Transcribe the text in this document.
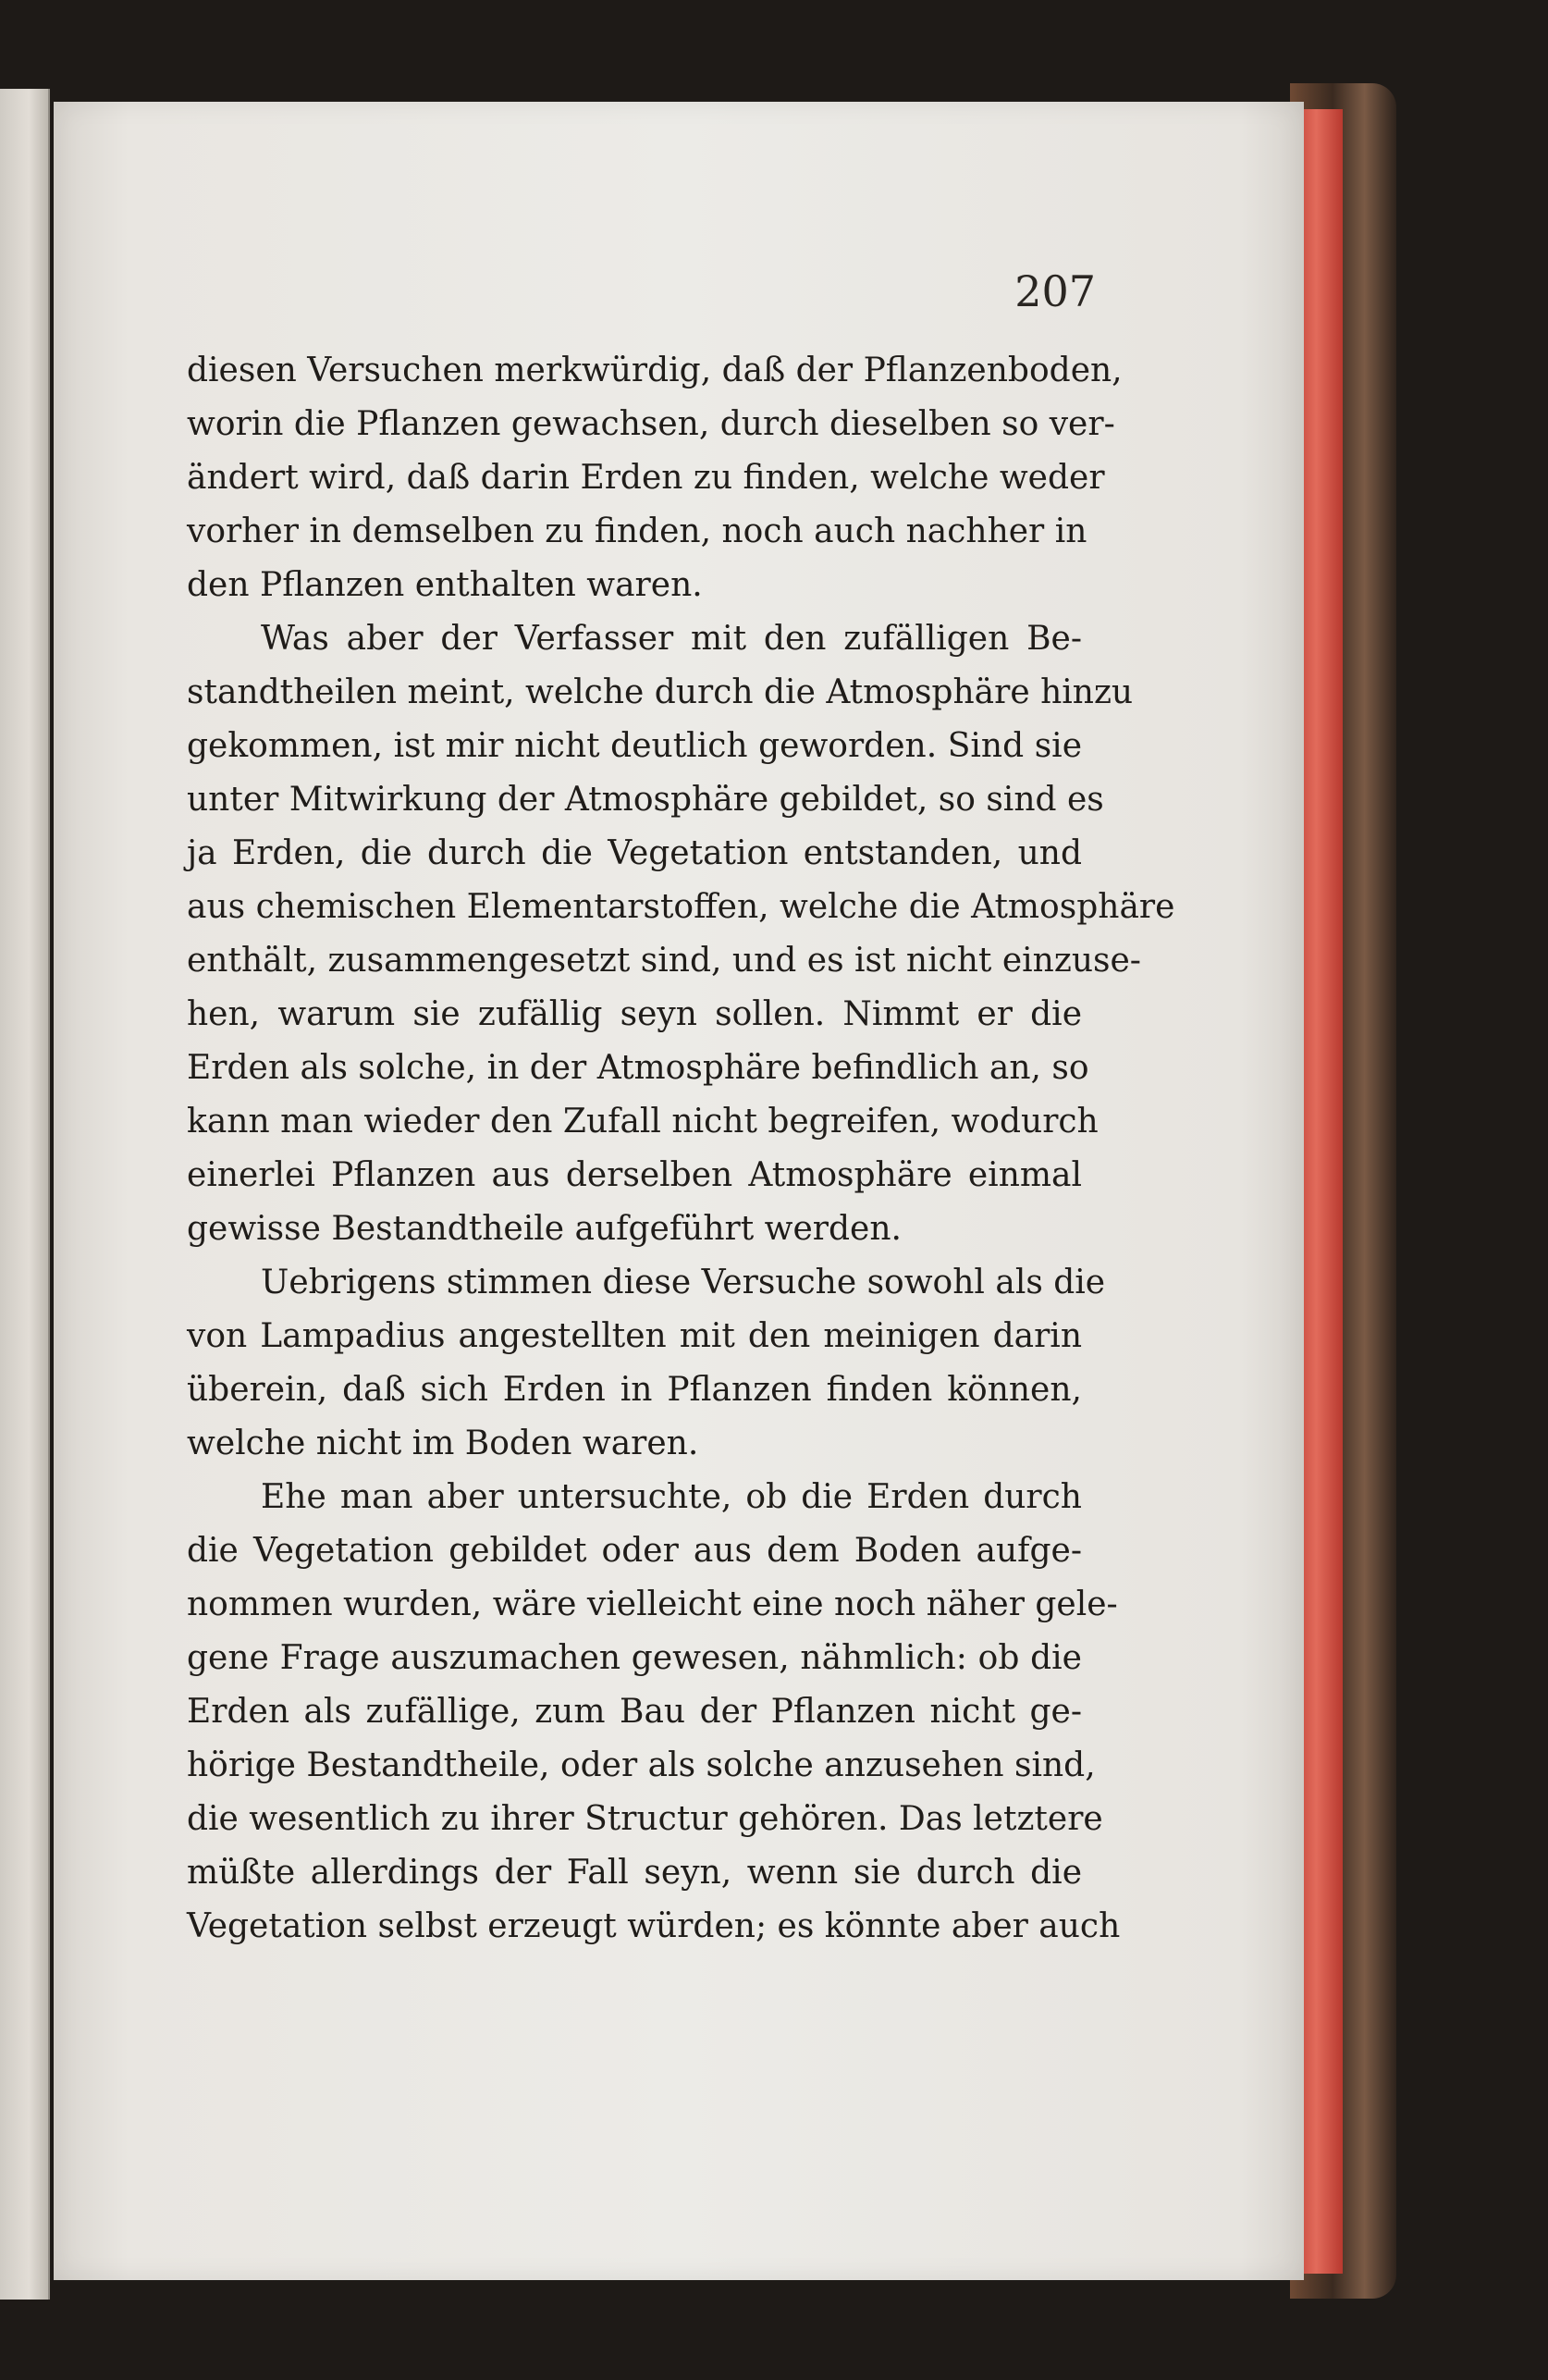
207
diesen Versuchen merkwürdig, daß der Pflanzenboden,
worin die Pflanzen gewachsen, durch dieselben so ver-
ändert wird, daß darin Erden zu finden, welche weder
vorher in demselben zu finden, noch auch nachher in
den Pflanzen enthalten waren.
Was aber der Verfasser mit den zufälligen Be-
standtheilen meint, welche durch die Atmosphäre hinzu
gekommen, ist mir nicht deutlich geworden. Sind sie
unter Mitwirkung der Atmosphäre gebildet, so sind es
ja Erden, die durch die Vegetation entstanden, und
aus chemischen Elementarstoffen, welche die Atmosphäre
enthält, zusammengesetzt sind, und es ist nicht einzuse-
hen, warum sie zufällig seyn sollen. Nimmt er die
Erden als solche, in der Atmosphäre befindlich an, so
kann man wieder den Zufall nicht begreifen, wodurch
einerlei Pflanzen aus derselben Atmosphäre einmal
gewisse Bestandtheile aufgeführt werden.
Uebrigens stimmen diese Versuche sowohl als die
von Lampadius angestellten mit den meinigen darin
überein, daß sich Erden in Pflanzen finden können,
welche nicht im Boden waren.
Ehe man aber untersuchte, ob die Erden durch
die Vegetation gebildet oder aus dem Boden aufge-
nommen wurden, wäre vielleicht eine noch näher gele-
gene Frage auszumachen gewesen, nähmlich: ob die
Erden als zufällige, zum Bau der Pflanzen nicht ge-
hörige Bestandtheile, oder als solche anzusehen sind,
die wesentlich zu ihrer Structur gehören. Das letztere
müßte allerdings der Fall seyn, wenn sie durch die
Vegetation selbst erzeugt würden; es könnte aber auch
